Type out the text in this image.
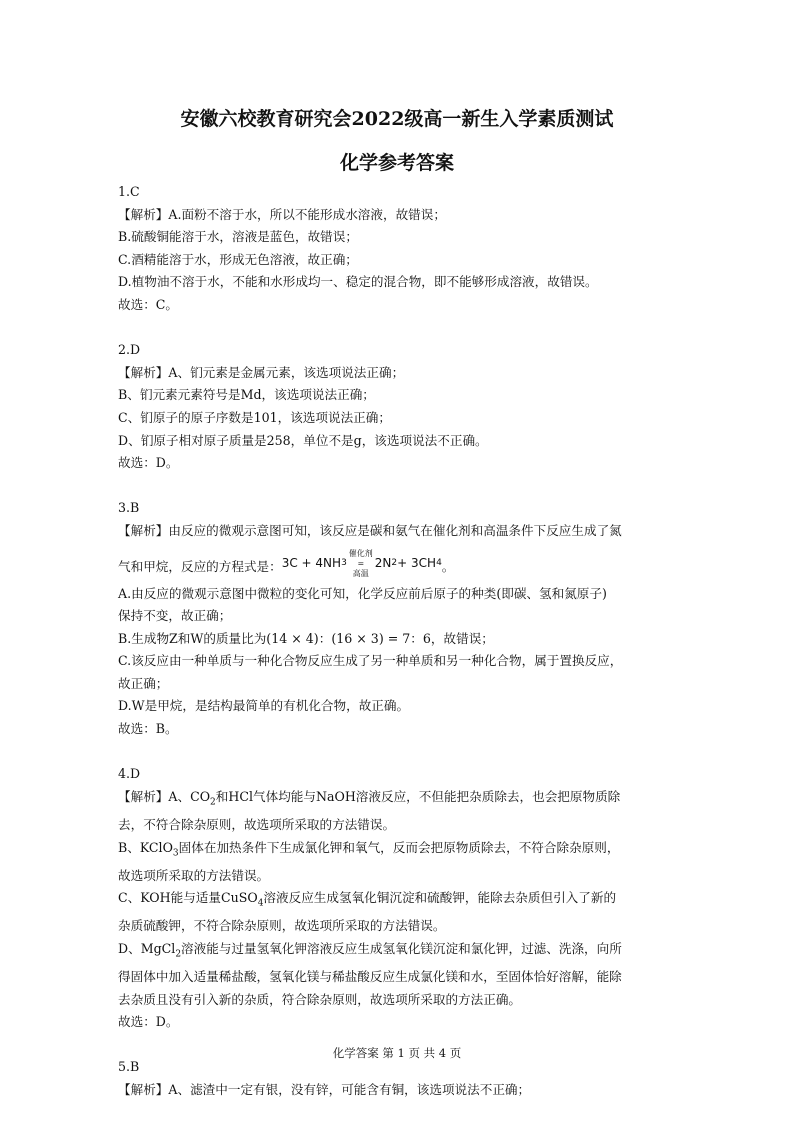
安徽六校教育研究会2022级高一新生入学素质测试
化学参考答案
1.C
【解析】A.面粉不溶于水，所以不能形成水溶液，故错误；
B.硫酸铜能溶于水，溶液是蓝色，故错误；
C.酒精能溶于水，形成无色溶液，故正确；
D.植物油不溶于水，不能和水形成均一、稳定的混合物，即不能够形成溶液，故错误。
故选：C。
2.D
【解析】A、钔元素是金属元素，该选项说法正确；
B、钔元素元素符号是Md，该选项说法正确；
C、钔原子的原子序数是101，该选项说法正确；
D、钔原子相对原子质量是258，单位不是g，该选项说法不正确。
故选：D。
3.B
【解析】由反应的微观示意图可知，该反应是碳和氨气在催化剂和高温条件下反应生成了氮
气和甲烷，反应的方程式是： 3C + 4NH 3
催化剂
=
高温
2N 2 + 3CH 4 。
A.由反应的微观示意图中微粒的变化可知，化学反应前后原子的种类(即碳、氢和氮原子)
保持不变，故正确；
B.生成物Z和W的质量比为(14 × 4)：(16 × 3) = 7：6，故错误；
C.该反应由一种单质与一种化合物反应生成了另一种单质和另一种化合物，属于置换反应，
故正确；
D.W是甲烷，是结构最简单的有机化合物，故正确。
故选：B。
4.D
【解析】A、$CO_2$和HCl气体均能与NaOH溶液反应，不但能把杂质除去，也会把原物质除
去，不符合除杂原则，故选项所采取的方法错误。
B、KClO$_3$固体在加热条件下生成氯化钾和氧气，反而会把原物质除去，不符合除杂原则，
故选项所采取的方法错误。
C、KOH能与适量CuSO$_4$溶液反应生成氢氧化铜沉淀和硫酸钾，能除去杂质但引入了新的
杂质硫酸钾，不符合除杂原则，故选项所采取的方法错误。
D、MgCl$_2$溶液能与过量氢氧化钾溶液反应生成氢氧化镁沉淀和氯化钾，过滤、洗涤，向所
得固体中加入适量稀盐酸，氢氧化镁与稀盐酸反应生成氯化镁和水，至固体恰好溶解，能除
去杂质且没有引入新的杂质，符合除杂原则，故选项所采取的方法正确。
故选：D。
5.B
【解析】A、滤渣中一定有银，没有锌，可能含有铜，该选项说法不正确；
化学答案 第 1 页 共 4 页
